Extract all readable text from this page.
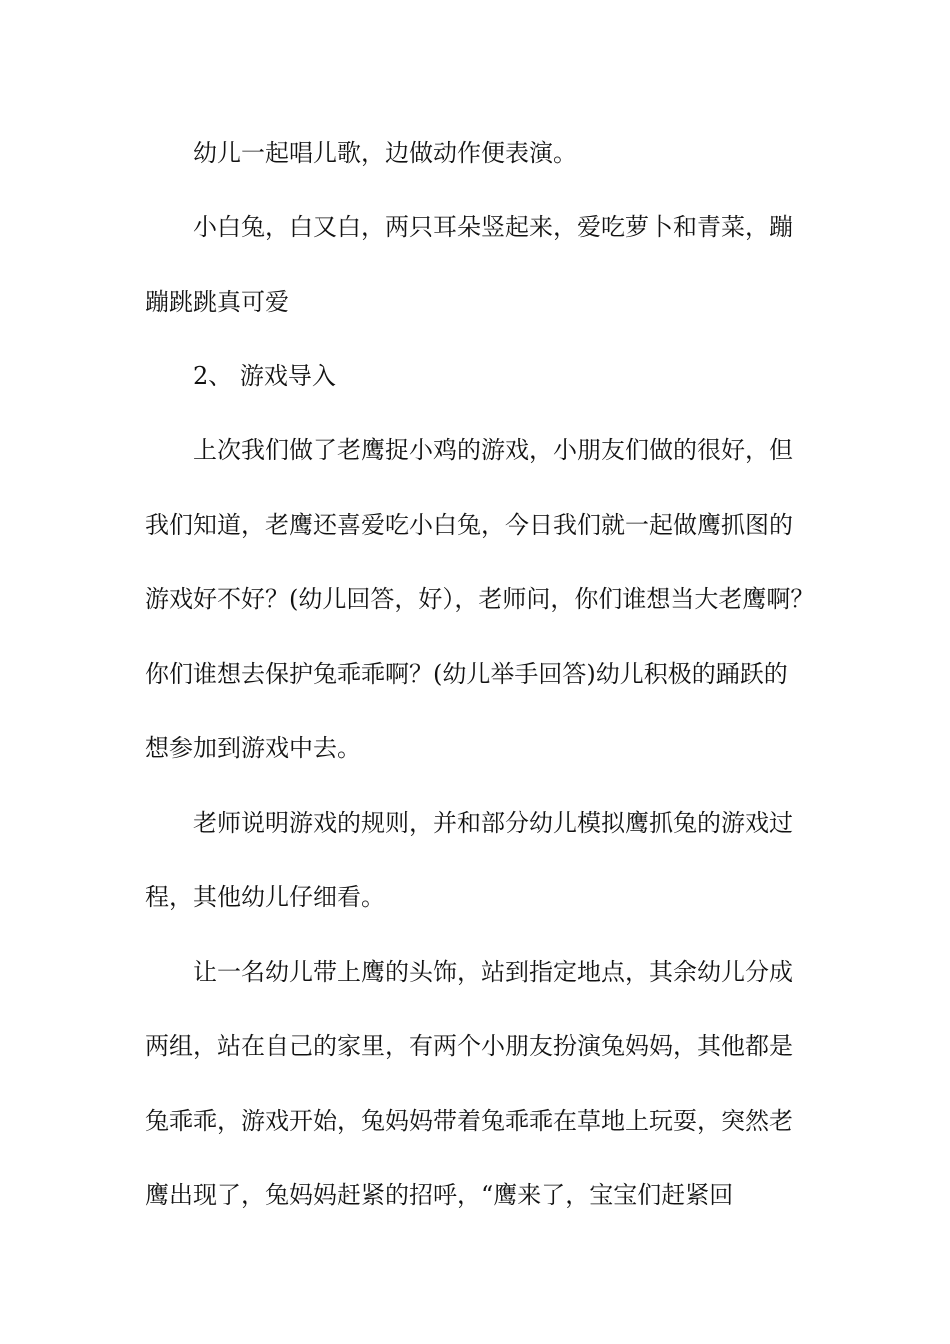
幼儿一起唱儿歌，边做动作便表演。
小白兔，白又白，两只耳朵竖起来，爱吃萝卜和青菜，蹦
蹦跳跳真可爱
2、 游戏导入
上次我们做了老鹰捉小鸡的游戏，小朋友们做的很好，但
我们知道，老鹰还喜爱吃小白兔，今日我们就一起做鹰抓图的
游戏好不好？(幼儿回答，好），老师问，你们谁想当大老鹰啊？
你们谁想去保护兔乖乖啊？(幼儿举手回答)幼儿积极的踊跃的
想参加到游戏中去。
老师说明游戏的规则，并和部分幼儿模拟鹰抓兔的游戏过
程，其他幼儿仔细看。
让一名幼儿带上鹰的头饰，站到指定地点，其余幼儿分成
两组，站在自己的家里，有两个小朋友扮演兔妈妈，其他都是
兔乖乖，游戏开始，兔妈妈带着兔乖乖在草地上玩耍，突然老
鹰出现了，兔妈妈赶紧的招呼，“鹰来了，宝宝们赶紧回
